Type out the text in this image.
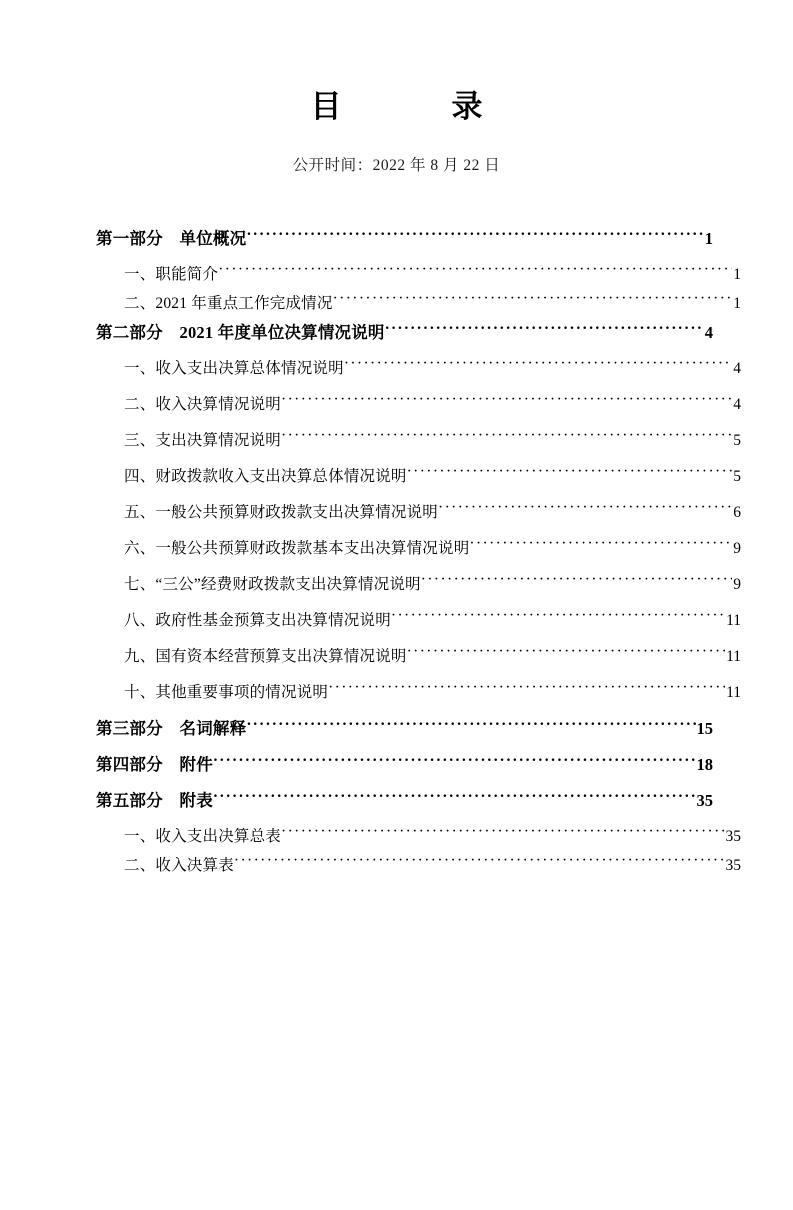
目　　录
公开时间：2022 年 8 月 22 日
第一部分　单位概况 ·····	1
一、职能简介 ·····	1
二、2021 年重点工作完成情况 ·····	1
第二部分　2021 年度单位决算情况说明 ·····	4
一、收入支出决算总体情况说明 ·····	4
二、收入决算情况说明 ·····	4
三、支出决算情况说明 ·····	5
四、财政拨款收入支出决算总体情况说明 ·····	5
五、一般公共预算财政拨款支出决算情况说明 ·····	6
六、一般公共预算财政拨款基本支出决算情况说明 ·····	9
七、“三公”经费财政拨款支出决算情况说明 ·····	9
八、政府性基金预算支出决算情况说明 ·····	11
九、国有资本经营预算支出决算情况说明 ·····	11
十、其他重要事项的情况说明 ·····	11
第三部分　名词解释 ·····	15
第四部分　附件 ·····	18
第五部分　附表 ·····	35
一、收入支出决算总表 ·····	35
二、收入决算表 ·····	35
